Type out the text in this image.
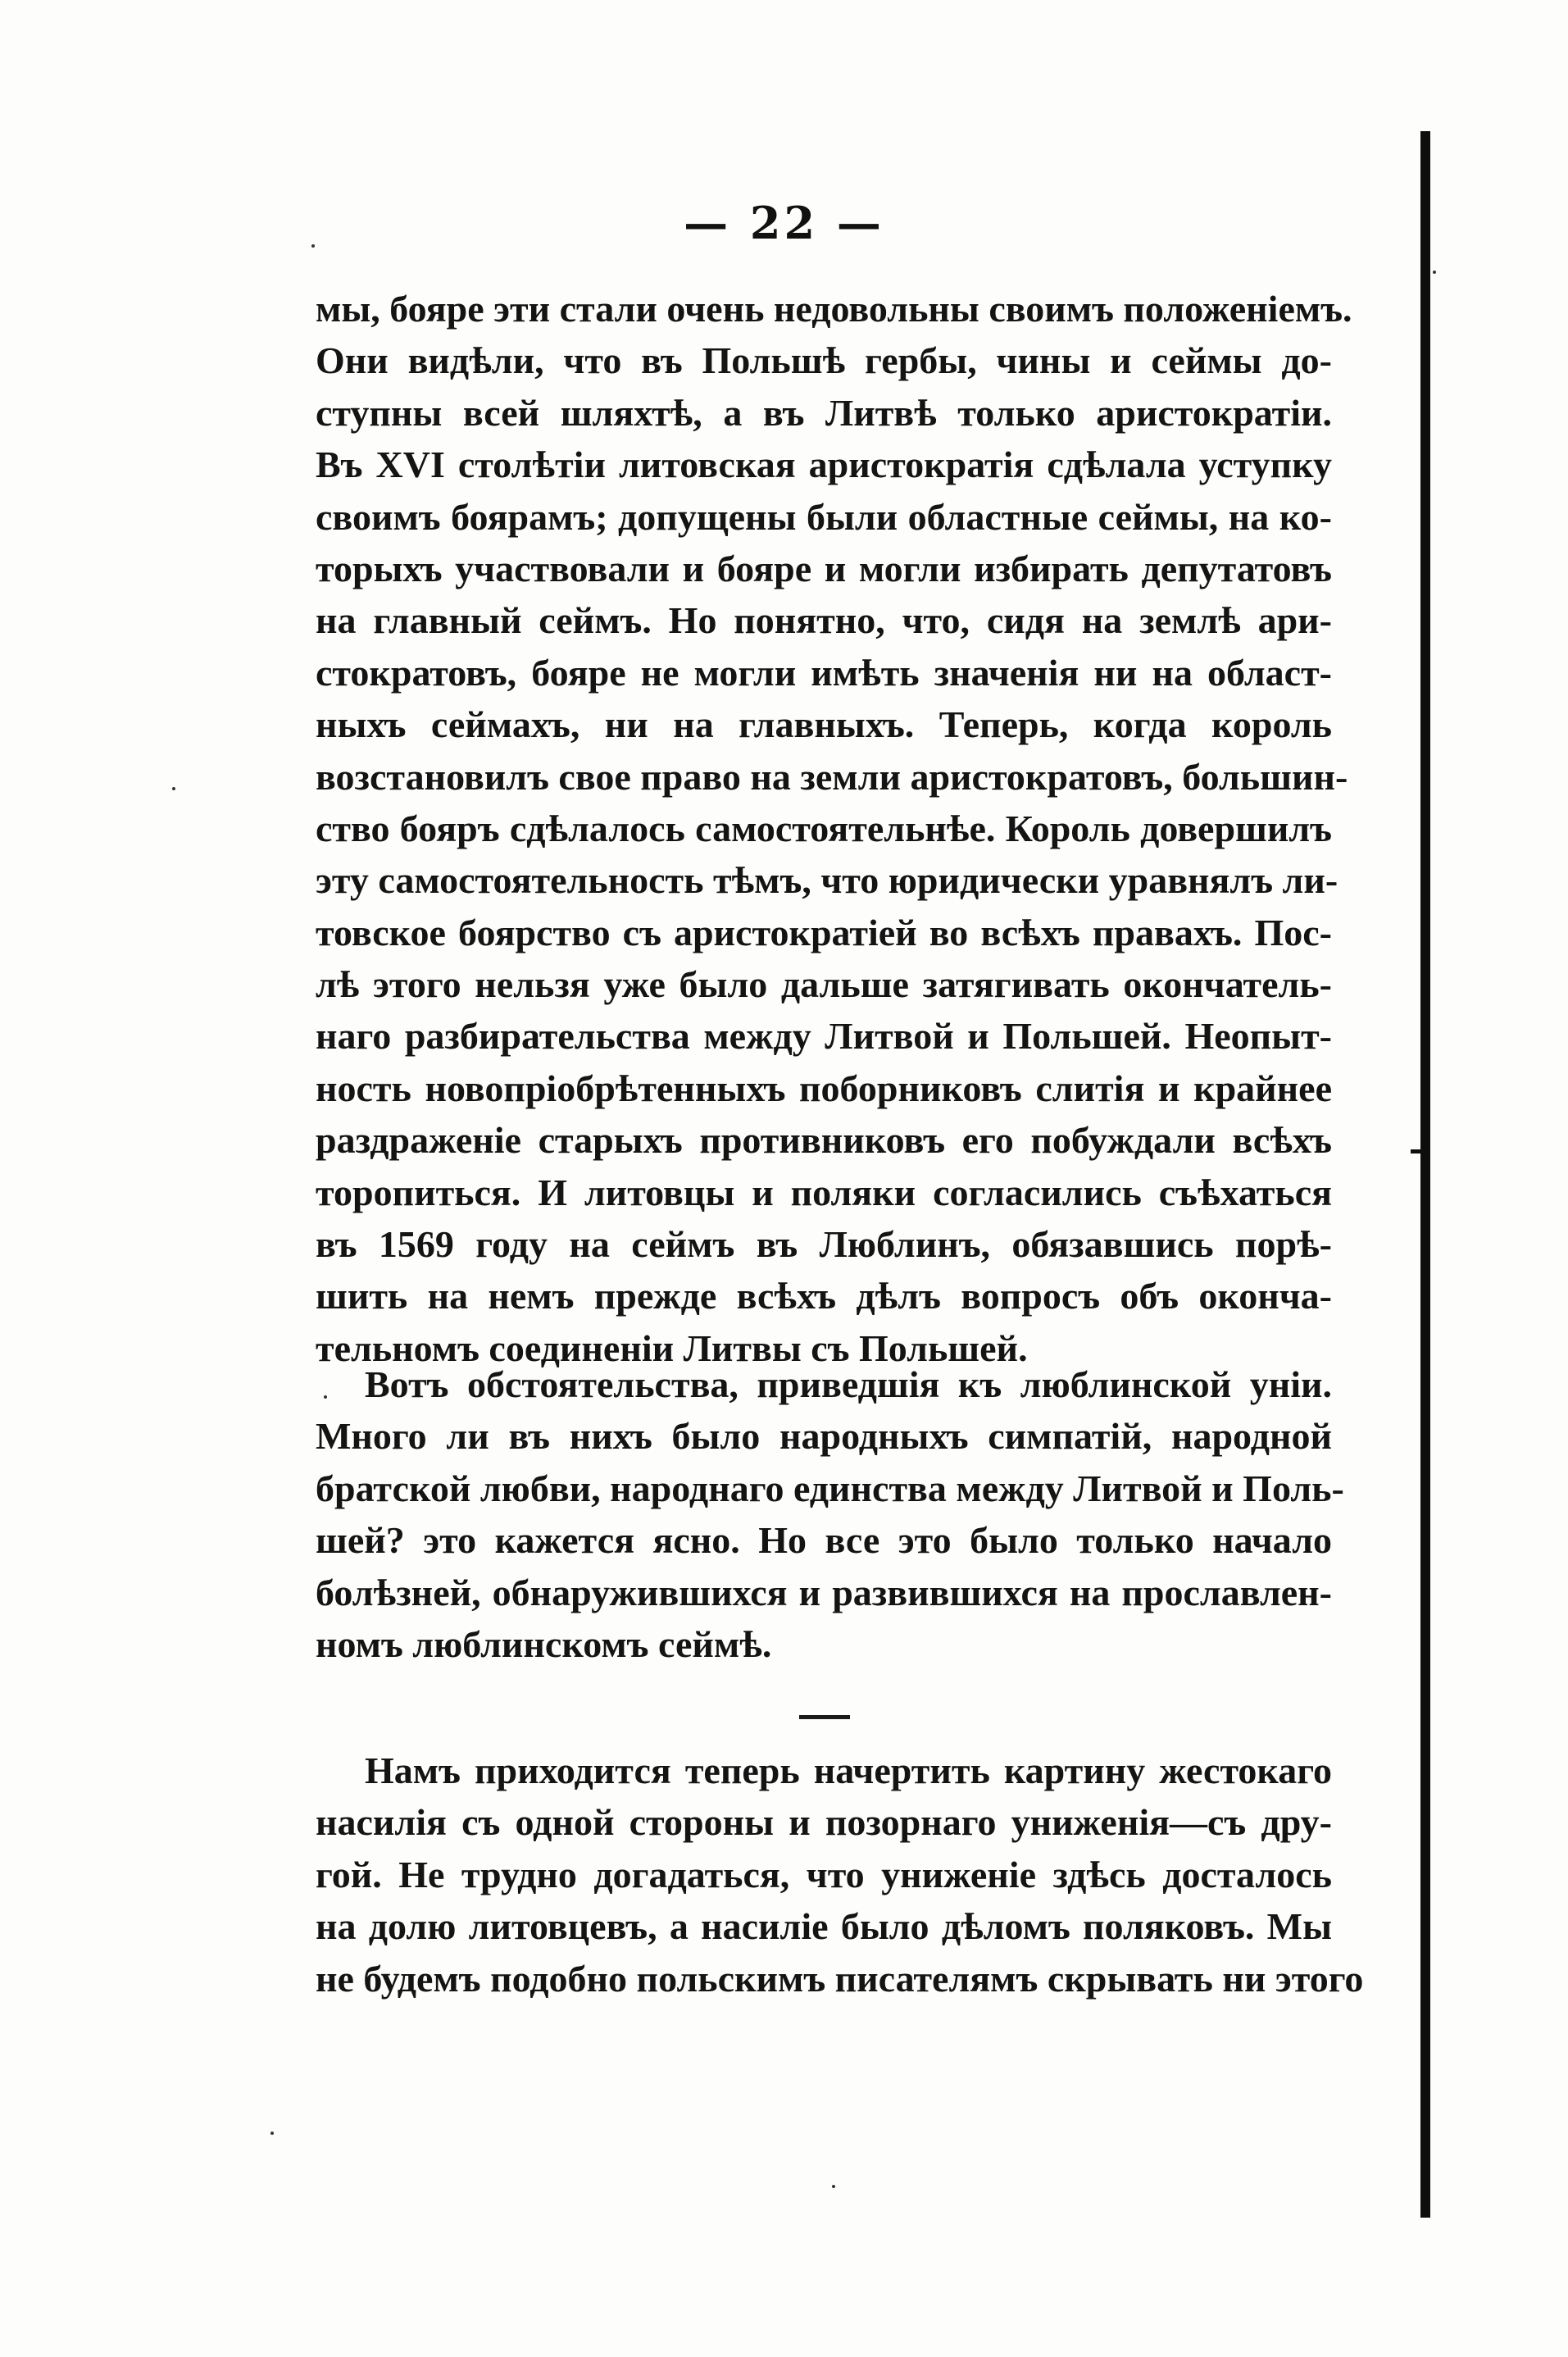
— 22 —
мы, бояре эти стали очень недовольны своимъ положенiемъ.
Они видѣли, что въ Польшѣ гербы, чины и сеймы до-
ступны всей шляхтѣ, а въ Литвѣ только аристократiи.
Въ XVI столѣтiи литовская аристократiя сдѣлала уступку
своимъ боярамъ; допущены были областные сеймы, на ко-
торыхъ участвовали и бояре и могли избирать депутатовъ
на главный сеймъ. Но понятно, что, сидя на землѣ ари-
стократовъ, бояре не могли имѣть значенiя ни на област-
ныхъ сеймахъ, ни на главныхъ. Теперь, когда король
возстановилъ свое право на земли аристократовъ, большин-
ство бояръ сдѣлалось самостоятельнѣе. Король довершилъ
эту самостоятельность тѣмъ, что юридически уравнялъ ли-
товское боярство съ аристократiей во всѣхъ правахъ. Пос-
лѣ этого нельзя уже было дальше затягивать окончатель-
наго разбирательства между Литвой и Польшей. Неопыт-
ность новопрiобрѣтенныхъ поборниковъ слитiя и крайнее
раздраженiе старыхъ противниковъ его побуждали всѣхъ
торопиться. И литовцы и поляки согласились съѣхаться
въ 1569 году на сеймъ въ Люблинъ, обязавшись порѣ-
шить на немъ прежде всѣхъ дѣлъ вопросъ объ оконча-
тельномъ соединенiи Литвы съ Польшей.
Вотъ обстоятельства, приведшiя къ люблинской унiи.
Много ли въ нихъ было народныхъ симпатiй, народной
братской любви, народнаго единства между Литвой и Поль-
шей? это кажется ясно. Но все это было только начало
болѣзней, обнаружившихся и развившихся на прославлен-
номъ люблинскомъ сеймѣ.
Намъ приходится теперь начертить картину жестокаго
насилiя съ одной стороны и позорнаго униженiя—съ дру-
гой. Не трудно догадаться, что униженiе здѣсь досталось
на долю литовцевъ, а насилiе было дѣломъ поляковъ. Мы
не будемъ подобно польскимъ писателямъ скрывать ни этого
